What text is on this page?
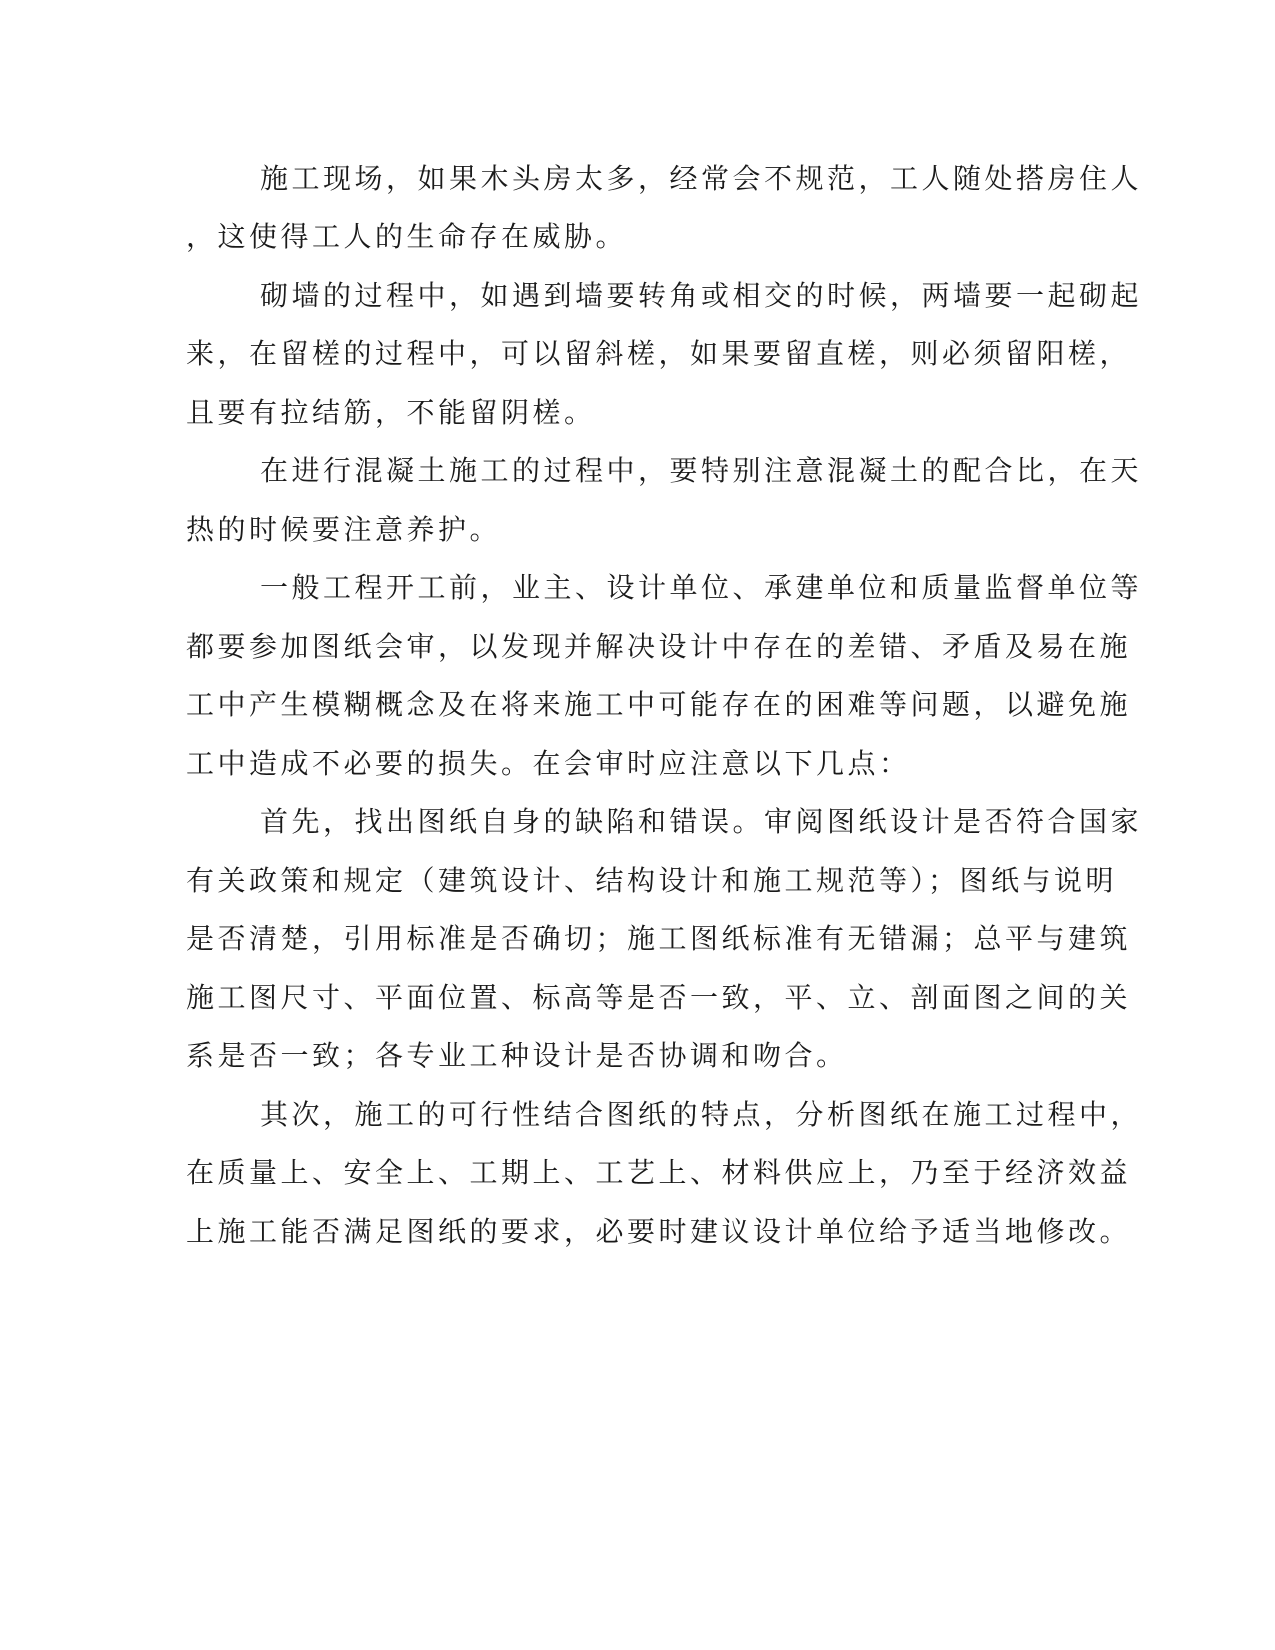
施工现场，如果木头房太多，经常会不规范，工人随处搭房住人
，这使得工人的生命存在威胁。
砌墙的过程中，如遇到墙要转角或相交的时候，两墙要一起砌起
来，在留槎的过程中，可以留斜槎，如果要留直槎，则必须留阳槎，
且要有拉结筋，不能留阴槎。
在进行混凝土施工的过程中，要特别注意混凝土的配合比，在天
热的时候要注意养护。
一般工程开工前，业主、设计单位、承建单位和质量监督单位等
都要参加图纸会审，以发现并解决设计中存在的差错、矛盾及易在施
工中产生模糊概念及在将来施工中可能存在的困难等问题，以避免施
工中造成不必要的损失。在会审时应注意以下几点：
首先，找出图纸自身的缺陷和错误。审阅图纸设计是否符合国家
有关政策和规定（建筑设计、结构设计和施工规范等）；图纸与说明
是否清楚，引用标准是否确切；施工图纸标准有无错漏；总平与建筑
施工图尺寸、平面位置、标高等是否一致，平、立、剖面图之间的关
系是否一致；各专业工种设计是否协调和吻合。
其次，施工的可行性结合图纸的特点，分析图纸在施工过程中，
在质量上、安全上、工期上、工艺上、材料供应上，乃至于经济效益
上施工能否满足图纸的要求，必要时建议设计单位给予适当地修改。
